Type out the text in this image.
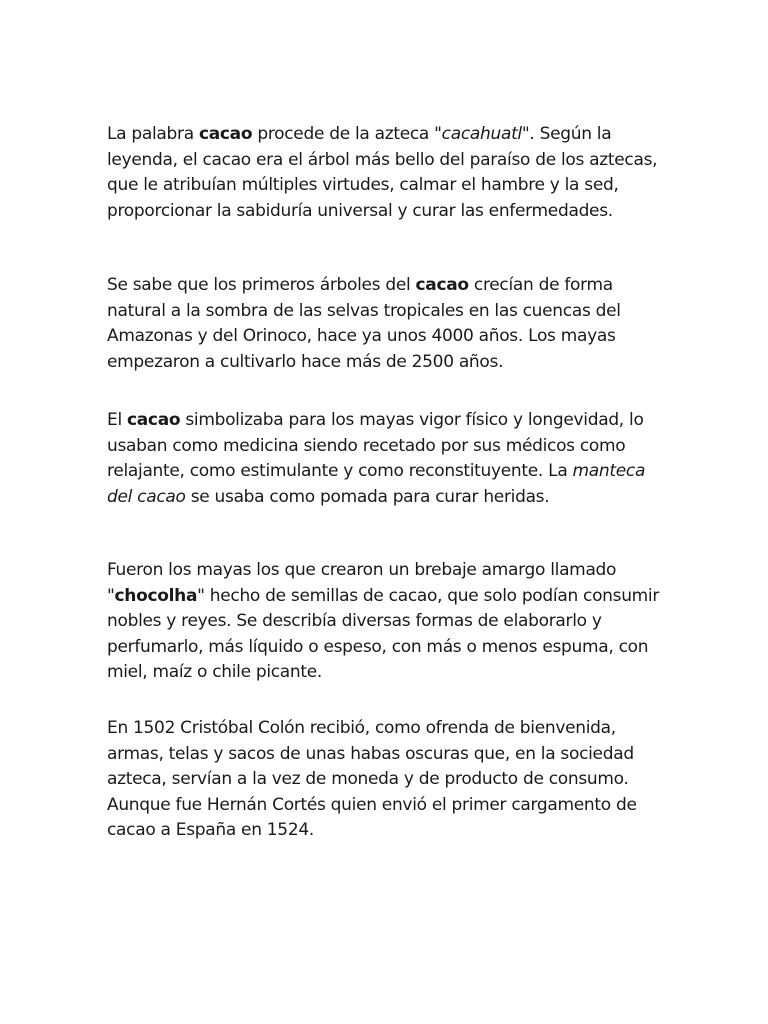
La palabra cacao procede de la azteca "cacahuatl". Según la leyenda, el cacao era el árbol más bello del paraíso de los aztecas, que le atribuían múltiples virtudes, calmar el hambre y la sed, proporcionar la sabiduría universal y curar las enfermedades.

Se sabe que los primeros árboles del cacao crecían de forma natural a la sombra de las selvas tropicales en las cuencas del Amazonas y del Orinoco, hace ya unos 4000 años. Los mayas empezaron a cultivarlo hace más de 2500 años.

El cacao simbolizaba para los mayas vigor físico y longevidad, lo usaban como medicina siendo recetado por sus médicos como relajante, como estimulante y como reconstituyente. La manteca del cacao se usaba como pomada para curar heridas.

Fueron los mayas los que crearon un brebaje amargo llamado "chocolha" hecho de semillas de cacao, que solo podían consumir nobles y reyes. Se describía diversas formas de elaborarlo y perfumarlo, más líquido o espeso, con más o menos espuma, con miel, maíz o chile picante.

En 1502 Cristóbal Colón recibió, como ofrenda de bienvenida, armas, telas y sacos de unas habas oscuras que, en la sociedad azteca, servían a la vez de moneda y de producto de consumo. Aunque fue Hernán Cortés quien envió el primer cargamento de cacao a España en 1524.
